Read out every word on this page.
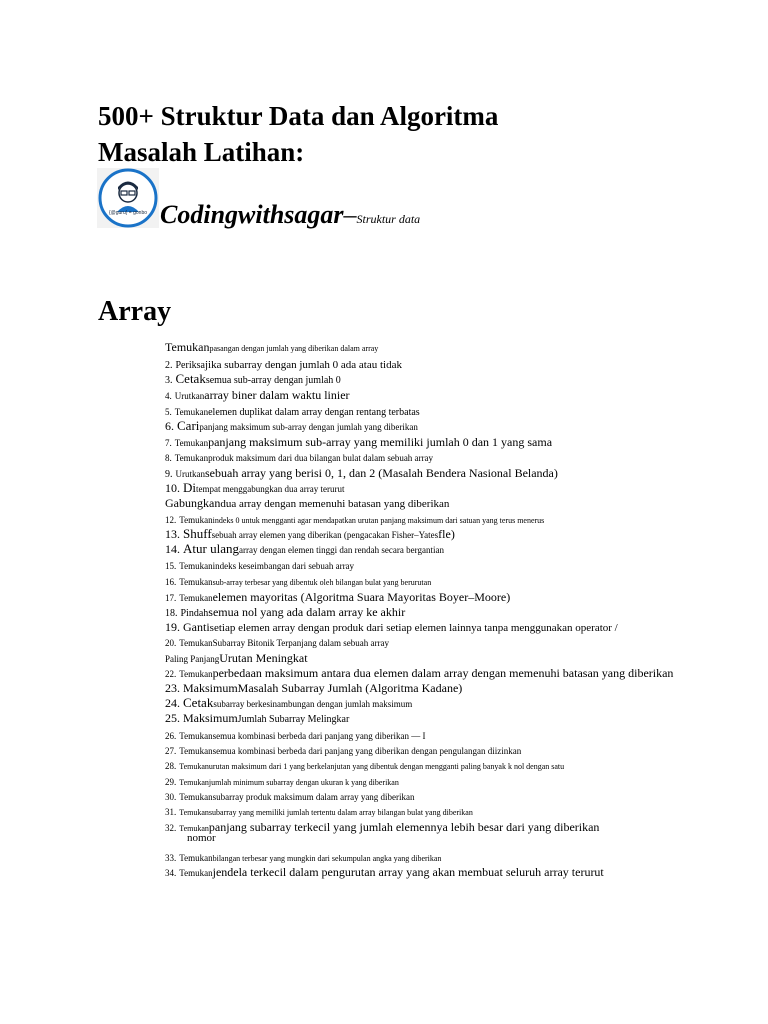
500+ Struktur Data dan Algoritma
Masalah Latihan:
{@guru} = gonbo Codingwithsagar–Struktur data
Array
Temukanpasangan dengan jumlah yang diberikan dalam array
2. Periksajika subarray dengan jumlah 0 ada atau tidak
3. Cetaksemua sub-array dengan jumlah 0
4. Urutkanarray biner dalam waktu linier
5. Temukanelemen duplikat dalam array dengan rentang terbatas
6. Caripanjang maksimum sub-array dengan jumlah yang diberikan
7. Temukanpanjang maksimum sub-array yang memiliki jumlah 0 dan 1 yang sama
8. Temukanproduk maksimum dari dua bilangan bulat dalam sebuah array
9. Urutkansebuah array yang berisi 0, 1, dan 2 (Masalah Bendera Nasional Belanda)
10. Ditempat menggabungkan dua array terurut
Gabungkandua array dengan memenuhi batasan yang diberikan
12. Temukanindeks 0 untuk mengganti agar mendapatkan urutan panjang maksimum dari satuan yang terus menerus
13. Shuffsebuah array elemen yang diberikan (pengacakan Fisher–Yatesfle)
14. Atur ulangarray dengan elemen tinggi dan rendah secara bergantian
15. Temukanindeks keseimbangan dari sebuah array
16. Temukansub-array terbesar yang dibentuk oleh bilangan bulat yang berurutan
17. Temukanelemen mayoritas (Algoritma Suara Mayoritas Boyer–Moore)
18. Pindahsemua nol yang ada dalam array ke akhir
19. Gantisetiap elemen array dengan produk dari setiap elemen lainnya tanpa menggunakan operator /
20. TemukanSubarray Bitonik Terpanjang dalam sebuah array
Paling PanjangUrutan Meningkat
22. Temukanperbedaan maksimum antara dua elemen dalam array dengan memenuhi batasan yang diberikan
23. MaksimumMasalah Subarray Jumlah (Algoritma Kadane)
24. Cetaksubarray berkesinambungan dengan jumlah maksimum
25. MaksimumJumlah Subarray Melingkar
26. Temukansemua kombinasi berbeda dari panjang yang diberikan — I
27. Temukansemua kombinasi berbeda dari panjang yang diberikan dengan pengulangan diizinkan
28. Temukanurutan maksimum dari 1 yang berkelanjutan yang dibentuk dengan mengganti paling banyak k nol dengan satu
29. Temukanjumlah minimum subarray dengan ukuran k yang diberikan
30. Temukansubarray produk maksimum dalam array yang diberikan
31. Temukansubarray yang memiliki jumlah tertentu dalam array bilangan bulat yang diberikan
32. Temukanpanjang subarray terkecil yang jumlah elemennya lebih besar dari yang diberikan
nomor
33. Temukanbilangan terbesar yang mungkin dari sekumpulan angka yang diberikan
34. Temukanjendela terkecil dalam pengurutan array yang akan membuat seluruh array terurut
